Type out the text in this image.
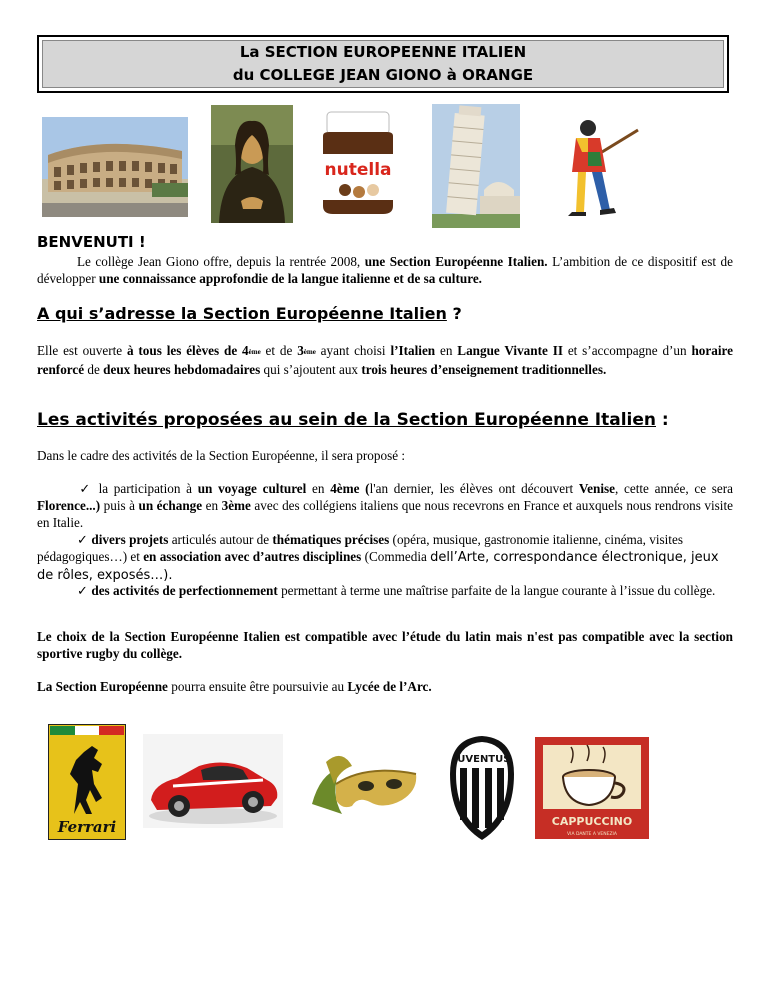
La SECTION EUROPEENNE ITALIEN
du COLLEGE JEAN GIONO à ORANGE
nutella
BENVENUTI !
Le collège Jean Giono offre, depuis la rentrée 2008, une Section Européenne Italien. L’ambition de ce dispositif est de développer une connaissance approfondie de la langue italienne et de sa culture.
A qui s’adresse la Section Européenne Italien ?
Elle est ouverte à tous les élèves de 4ème et de 3ème ayant choisi l’Italien en Langue Vivante II et s’accompagne d’un horaire renforcé de deux heures hebdomadaires qui s’ajoutent aux trois heures d’enseignement traditionnelles.
Les activités proposées au sein de la Section Européenne Italien :
Dans le cadre des activités de la Section Européenne, il sera proposé :
✓ la participation à un voyage culturel en 4ème (l'an dernier, les élèves ont découvert Venise, cette année, ce sera Florence...) puis à un échange en 3ème avec des collégiens italiens que nous recevrons en France et auxquels nous rendrons visite en Italie.
✓ divers projets articulés autour de thématiques précises (opéra, musique, gastronomie italienne, cinéma, visites pédagogiques…) et en association avec d’autres disciplines (Commedia dell’Arte, correspondance électronique, jeux de rôles, exposés…).
✓ des activités de perfectionnement permettant à terme une maîtrise parfaite de la langue courante à l’issue du collège.
Le choix de la Section Européenne Italien est compatible avec l’étude du latin mais n'est pas compatible avec la section sportive rugby du collège.
La Section Européenne pourra ensuite être poursuivie au Lycée de l’Arc.
Ferrari
JUVENTUS
CAPPUCCINO
VIA DANTE A VENEZIA
